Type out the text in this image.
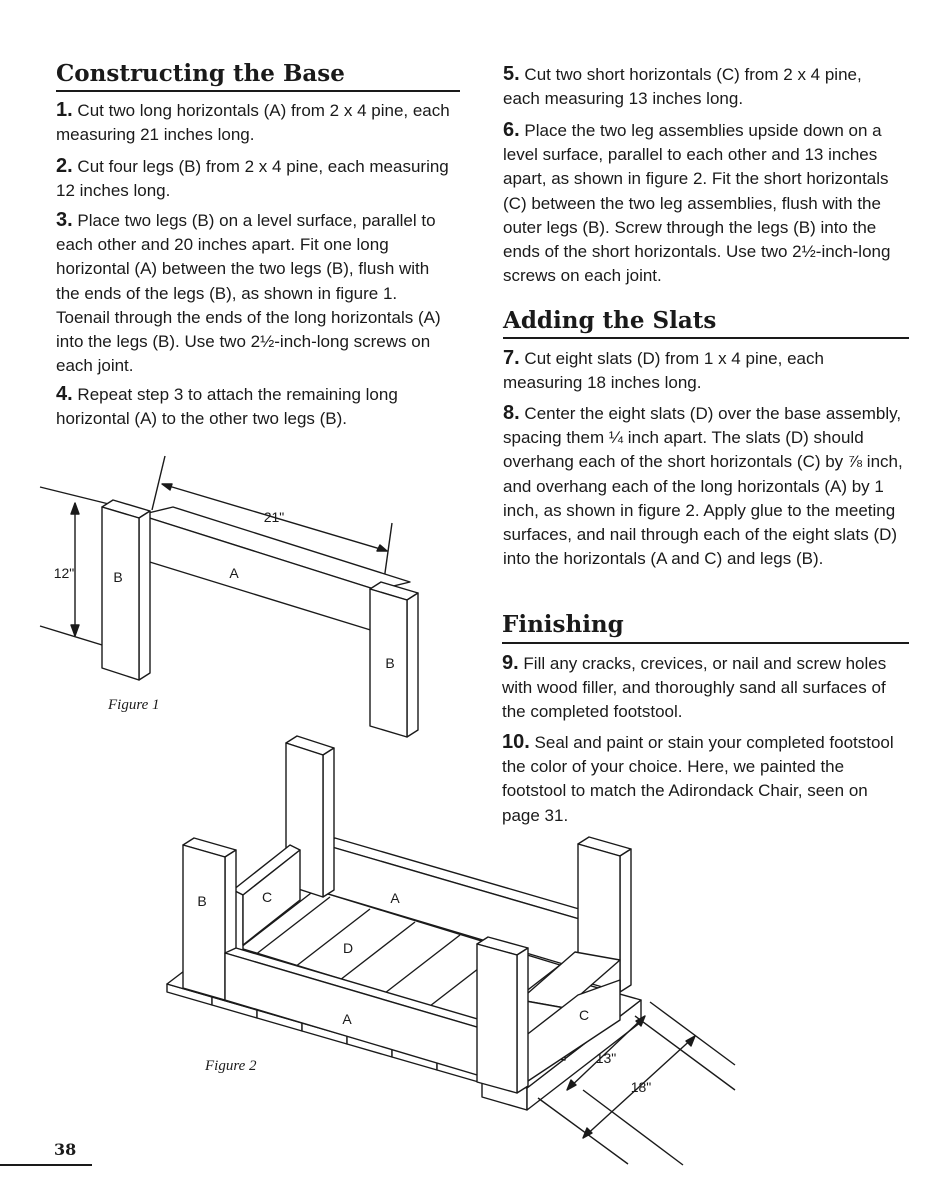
Constructing the Base

1. Cut two long horizontals (A) from 2 x 4 pine, each measuring 21 inches long.

2. Cut four legs (B) from 2 x 4 pine, each measuring 12 inches long.

3. Place two legs (B) on a level surface, parallel to each other and 20 inches apart. Fit one long horizontal (A) between the two legs (B), flush with the ends of the legs (B), as shown in figure 1. Toenail through the ends of the long horizontals (A) into the legs (B). Use two 2½-inch-long screws on each joint.

4. Repeat step 3 to attach the remaining long horizontal (A) to the other two legs (B).

5. Cut two short horizontals (C) from 2 x 4 pine, each measuring 13 inches long.

6. Place the two leg assemblies upside down on a level surface, parallel to each other and 13 inches apart, as shown in figure 2. Fit the short horizontals (C) between the two leg assemblies, flush with the outer legs (B). Screw through the legs (B) into the ends of the short horizontals. Use two 2½-inch-long screws on each joint.

Adding the Slats

7. Cut eight slats (D) from 1 x 4 pine, each measuring 18 inches long.

8. Center the eight slats (D) over the base assembly, spacing them ¼ inch apart. The slats (D) should overhang each of the short horizontals (C) by ⅞ inch, and overhang each of the long horizontals (A) by 1 inch, as shown in figure 2. Apply glue to the meeting surfaces, and nail through each of the eight slats (D) into the horizontals (A and C) and legs (B).

Finishing

9. Fill any cracks, crevices, or nail and screw holes with wood filler, and thoroughly sand all surfaces of the completed footstool.

10. Seal and paint or stain your completed footstool the color of your choice. Here, we painted the footstool to match the Adirondack Chair, seen on page 31.

21"
12"	A
B
B
Figure 1
B	C	A
D
A	C
13"
18"
Figure 2
38
